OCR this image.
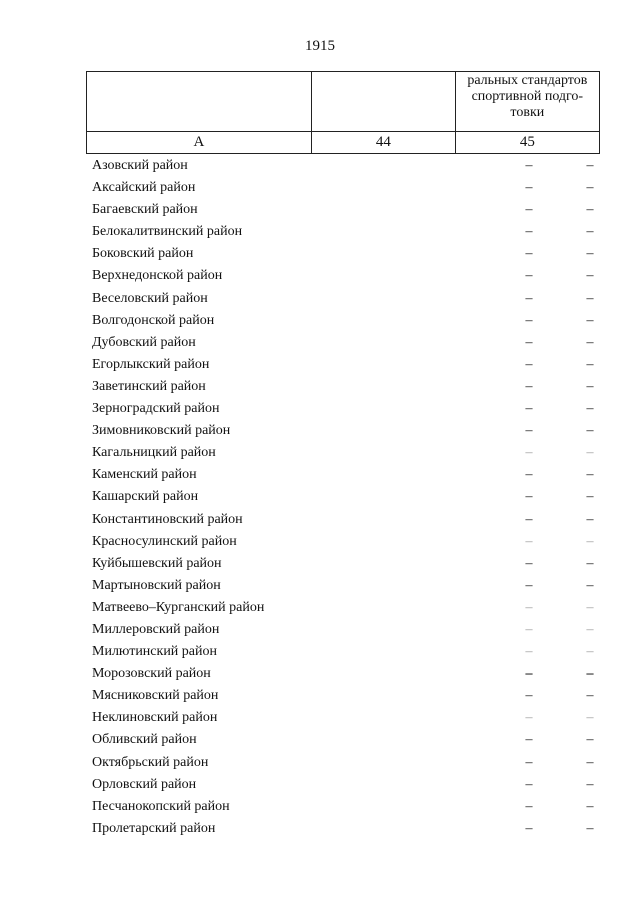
1915

		ральных стандартов
спортивной подго-
товки

А	44	45
Азовский район	–	–
Аксайский район	–	–
Багаевский район	–	–
Белокалитвинский район	–	–
Боковский район	–	–
Верхнедонской район	–	–
Веселовский район	–	–
Волгодонской район	–	–
Дубовский район	–	–
Егорлыкский район	–	–
Заветинский район	–	–
Зерноградский район	–	–
Зимовниковский район	–	–
Кагальницкий район	–	–
Каменский район	–	–
Кашарский район	–	–
Константиновский район	–	–
Красносулинский район	–	–
Куйбышевский район	–	–
Мартыновский район	–	–
Матвеево–Курганский район	–	–
Миллеровский район	–	–
Милютинский район	–	–
Морозовский район	–	–
Мясниковский район	–	–
Неклиновский район	–	–
Обливский район	–	–
Октябрьский район	–	–
Орловский район	–	–
Песчанокопский район	–	–
Пролетарский район	–	–
